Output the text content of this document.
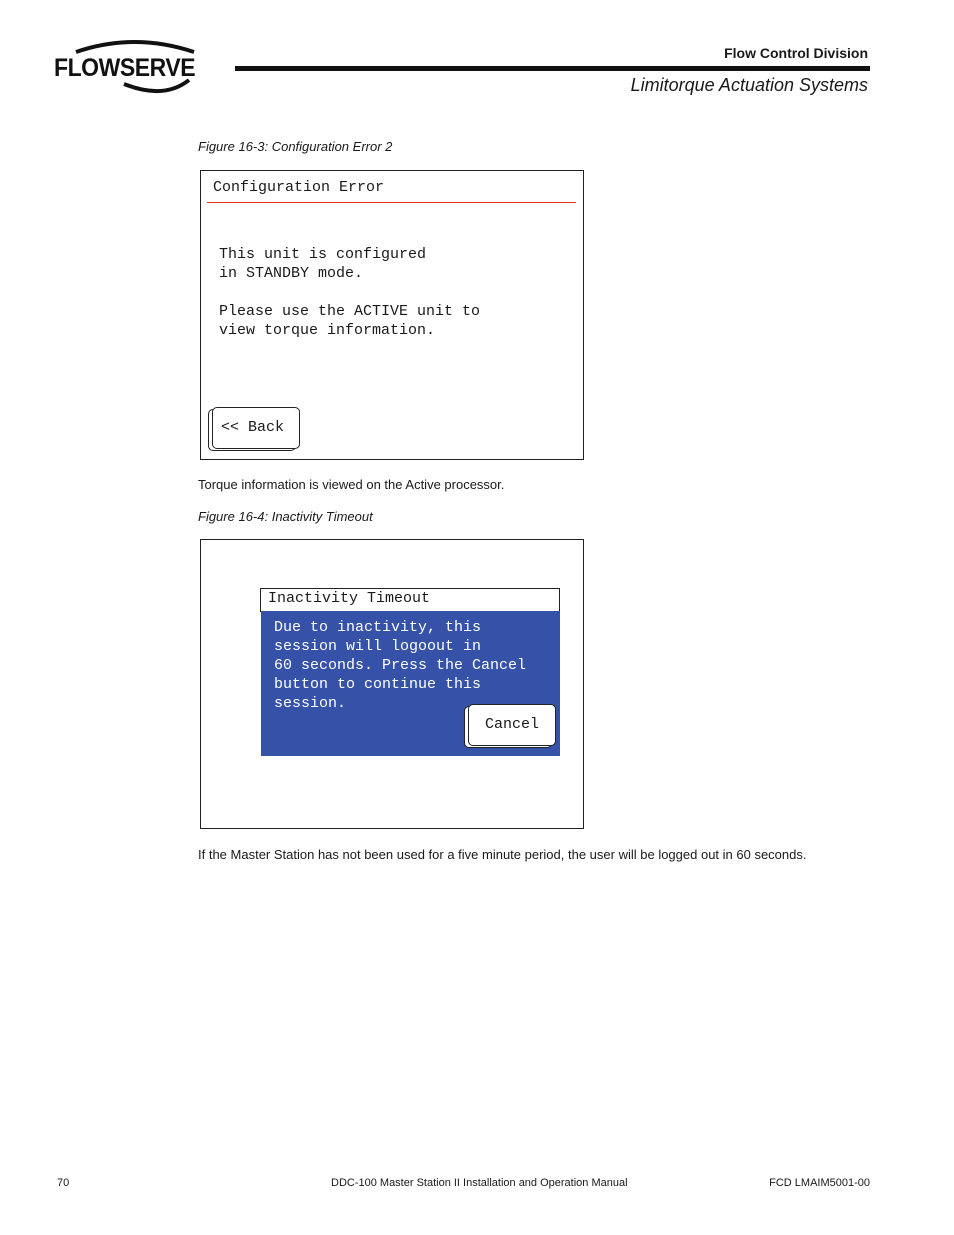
FLOWSERVE
Flow Control Division
Limitorque Actuation Systems
Figure 16-3: Configuration Error 2
Configuration Error
This unit is configured
in STANDBY mode.

Please use the ACTIVE unit to
view torque information.
<< Back
Torque information is viewed on the Active processor.
Figure 16-4: Inactivity Timeout
Inactivity Timeout
Due to inactivity, this
session will logoout in
60 seconds. Press the Cancel
button to continue this
session.
Cancel
If the Master Station has not been used for a five minute period, the user will be logged out in 60 seconds.
70	DDC-100 Master Station II Installation and Operation Manual	FCD LMAIM5001-00
